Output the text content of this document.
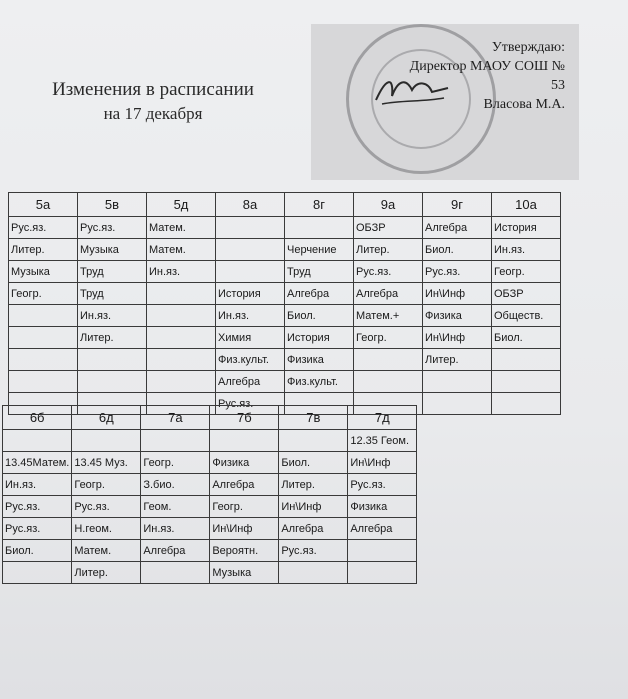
Изменения в расписании
на 17 декабря
Утверждаю:
Директор МАОУ СОШ № 53
Власова М.А.
5а	5в	5д	8а	8г	9а	9г	10а
Рус.яз.	Рус.яз.	Матем.			ОБЗР	Алгебра	История
Литер.	Музыка	Матем.		Черчение	Литер.	Биол.	Ин.яз.
Музыка	Труд	Ин.яз.		Труд	Рус.яз.	Рус.яз.	Геогр.
Геогр.	Труд		История	Алгебра	Алгебра	Ин\Инф	ОБЗР
	Ин.яз.		Ин.яз.	Биол.	Матем.+	Физика	Обществ.
	Литер.		Химия	История	Геогр.	Ин\Инф	Биол.
			Физ.культ.	Физика		Литер.	
			Алгебра	Физ.культ.			
			Рус.яз.				
6б	6д	7а	7б	7в	7д
					12.35 Геом.
13.45Матем.	13.45 Муз.	Геогр.	Физика	Биол.	Ин\Инф
Ин.яз.	Геогр.	З.био.	Алгебра	Литер.	Рус.яз.
Рус.яз.	Рус.яз.	Геом.	Геогр.	Ин\Инф	Физика
Рус.яз.	Н.геом.	Ин.яз.	Ин\Инф	Алгебра	Алгебра
Биол.	Матем.	Алгебра	Вероятн.	Рус.яз.	
	Литер.		Музыка		
